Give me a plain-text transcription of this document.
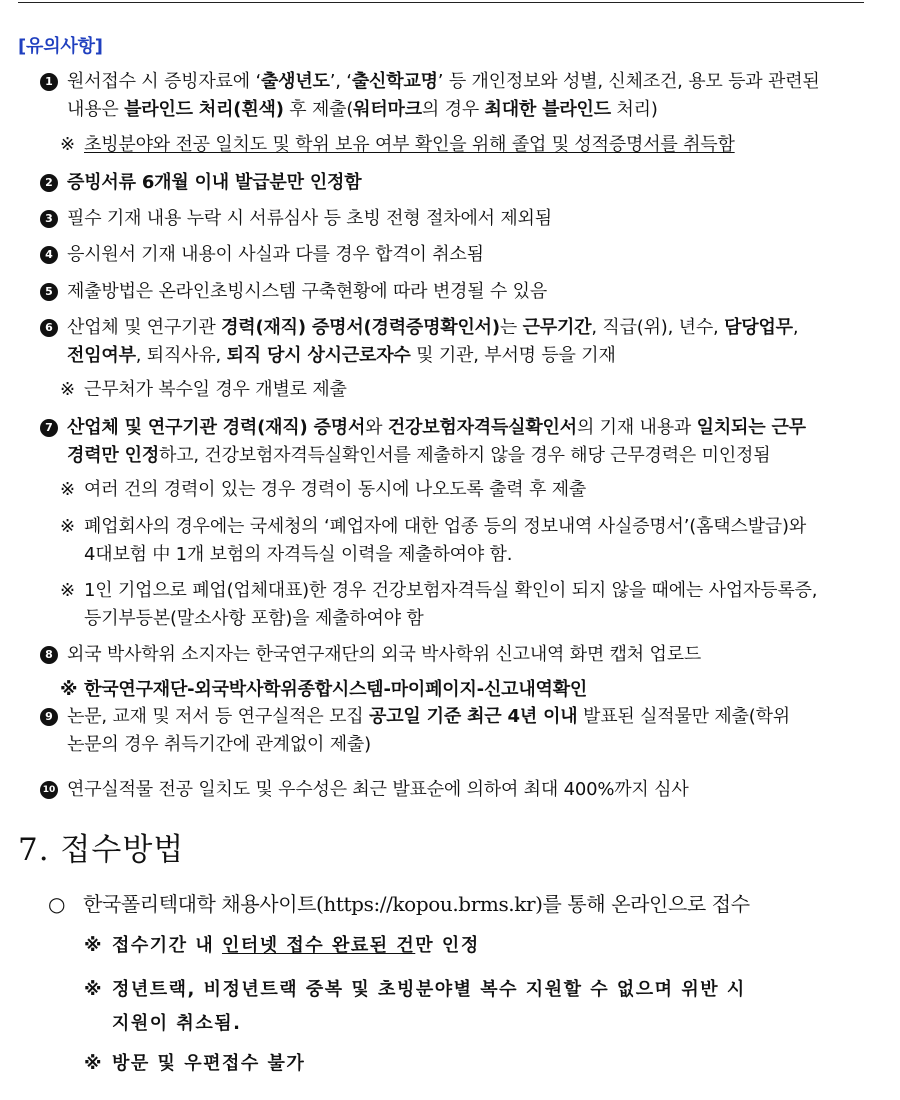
[유의사항]
1 원서접수 시 증빙자료에 ‘출생년도’, ‘출신학교명’ 등 개인정보와 성별, 신체조건, 용모 등과 관련된
내용은 블라인드 처리(흰색) 후 제출(워터마크의 경우 최대한 블라인드 처리)
※ 초빙분야와 전공 일치도 및 학위 보유 여부 확인을 위해 졸업 및 성적증명서를 취득함
2 증빙서류 6개월 이내 발급분만 인정함
3 필수 기재 내용 누락 시 서류심사 등 초빙 전형 절차에서 제외됨
4 응시원서 기재 내용이 사실과 다를 경우 합격이 취소됨
5 제출방법은 온라인초빙시스템 구축현황에 따라 변경될 수 있음
6 산업체 및 연구기관 경력(재직) 증명서(경력증명확인서)는 근무기간, 직급(위), 년수, 담당업무,
전임여부, 퇴직사유, 퇴직 당시 상시근로자수 및 기관, 부서명 등을 기재
※ 근무처가 복수일 경우 개별로 제출
7 산업체 및 연구기관 경력(재직) 증명서와 건강보험자격득실확인서의 기재 내용과 일치되는 근무
경력만 인정하고, 건강보험자격득실확인서를 제출하지 않을 경우 해당 근무경력은 미인정됨
※ 여러 건의 경력이 있는 경우 경력이 동시에 나오도록 출력 후 제출
※ 폐업회사의 경우에는 국세청의 ‘폐업자에 대한 업종 등의 정보내역 사실증명서’(홈택스발급)와
4대보험 中 1개 보험의 자격득실 이력을 제출하여야 함.
※ 1인 기업으로 폐업(업체대표)한 경우 건강보험자격득실 확인이 되지 않을 때에는 사업자등록증,
등기부등본(말소사항 포함)을 제출하여야 함
8 외국 박사학위 소지자는 한국연구재단의 외국 박사학위 신고내역 화면 캡처 업로드
※ 한국연구재단-외국박사학위종합시스템-마이페이지-신고내역확인
9 논문, 교재 및 저서 등 연구실적은 모집 공고일 기준 최근 4년 이내 발표된 실적물만 제출(학위
논문의 경우 취득기간에 관계없이 제출)
10 연구실적물 전공 일치도 및 우수성은 최근 발표순에 의하여 최대 400%까지 심사
7. 접수방법
○ 한국폴리텍대학 채용사이트(https://kopou.brms.kr)를 통해 온라인으로 접수
※ 접수기간 내 인터넷 접수 완료된 건만 인정
※ 정년트랙, 비정년트랙 중복 및 초빙분야별 복수 지원할 수 없으며 위반 시
지원이 취소됨.
※ 방문 및 우편접수 불가
